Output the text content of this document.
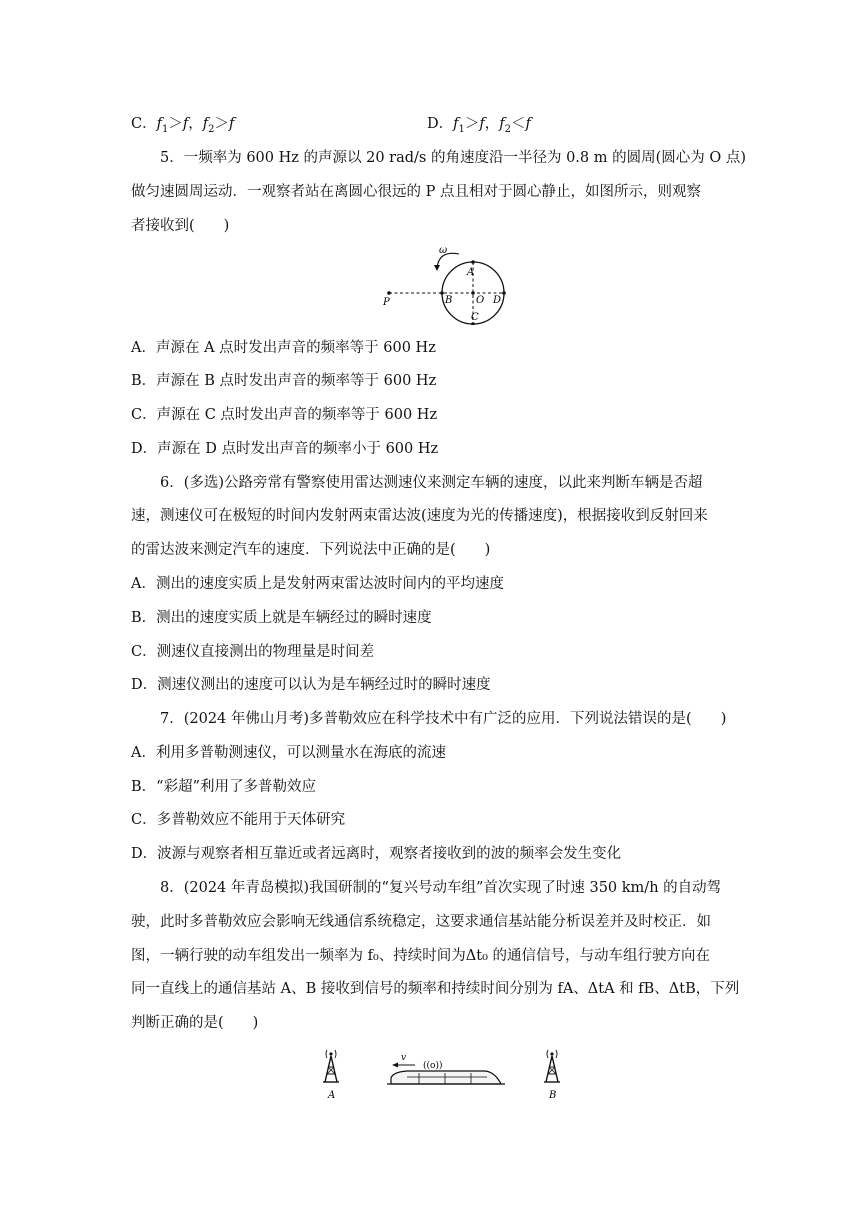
C．$f_1>f$，$f_2>f$	D．$f_1>f$，$f_2<f$
5．一频率为 600 Hz 的声源以 20 rad/s 的角速度沿一半径为 0.8 m 的圆周(圆心为 O 点)
做匀速圆周运动．一观察者站在离圆心很远的 P 点且相对于圆心静止，如图所示，则观察
者接收到(　　)
ω
P
A
B O D
C
A．声源在 A 点时发出声音的频率等于 600 Hz
B．声源在 B 点时发出声音的频率等于 600 Hz
C．声源在 C 点时发出声音的频率等于 600 Hz
D．声源在 D 点时发出声音的频率小于 600 Hz
6．(多选)公路旁常有警察使用雷达测速仪来测定车辆的速度，以此来判断车辆是否超
速，测速仪可在极短的时间内发射两束雷达波(速度为光的传播速度)，根据接收到反射回来
的雷达波来测定汽车的速度．下列说法中正确的是(　　)
A．测出的速度实质上是发射两束雷达波时间内的平均速度
B．测出的速度实质上就是车辆经过的瞬时速度
C．测速仪直接测出的物理量是时间差
D．测速仪测出的速度可以认为是车辆经过时的瞬时速度
7．(2024 年佛山月考)多普勒效应在科学技术中有广泛的应用．下列说法错误的是(　　)
A．利用多普勒测速仪，可以测量水在海底的流速
B．“彩超”利用了多普勒效应
C．多普勒效应不能用于天体研究
D．波源与观察者相互靠近或者远离时，观察者接收到的波的频率会发生变化
8．(2024 年青岛模拟)我国研制的“复兴号动车组”首次实现了时速 350 km/h 的自动驾
驶，此时多普勒效应会影响无线通信系统稳定，这要求通信基站能分析误差并及时校正．如
图，一辆行驶的动车组发出一频率为 f₀、持续时间为Δt₀ 的通信信号，与动车组行驶方向在
同一直线上的通信基站 A、B 接收到信号的频率和持续时间分别为 fA、ΔtA 和 fB、ΔtB，下列
判断正确的是(　　)
A
v
((o))
B
